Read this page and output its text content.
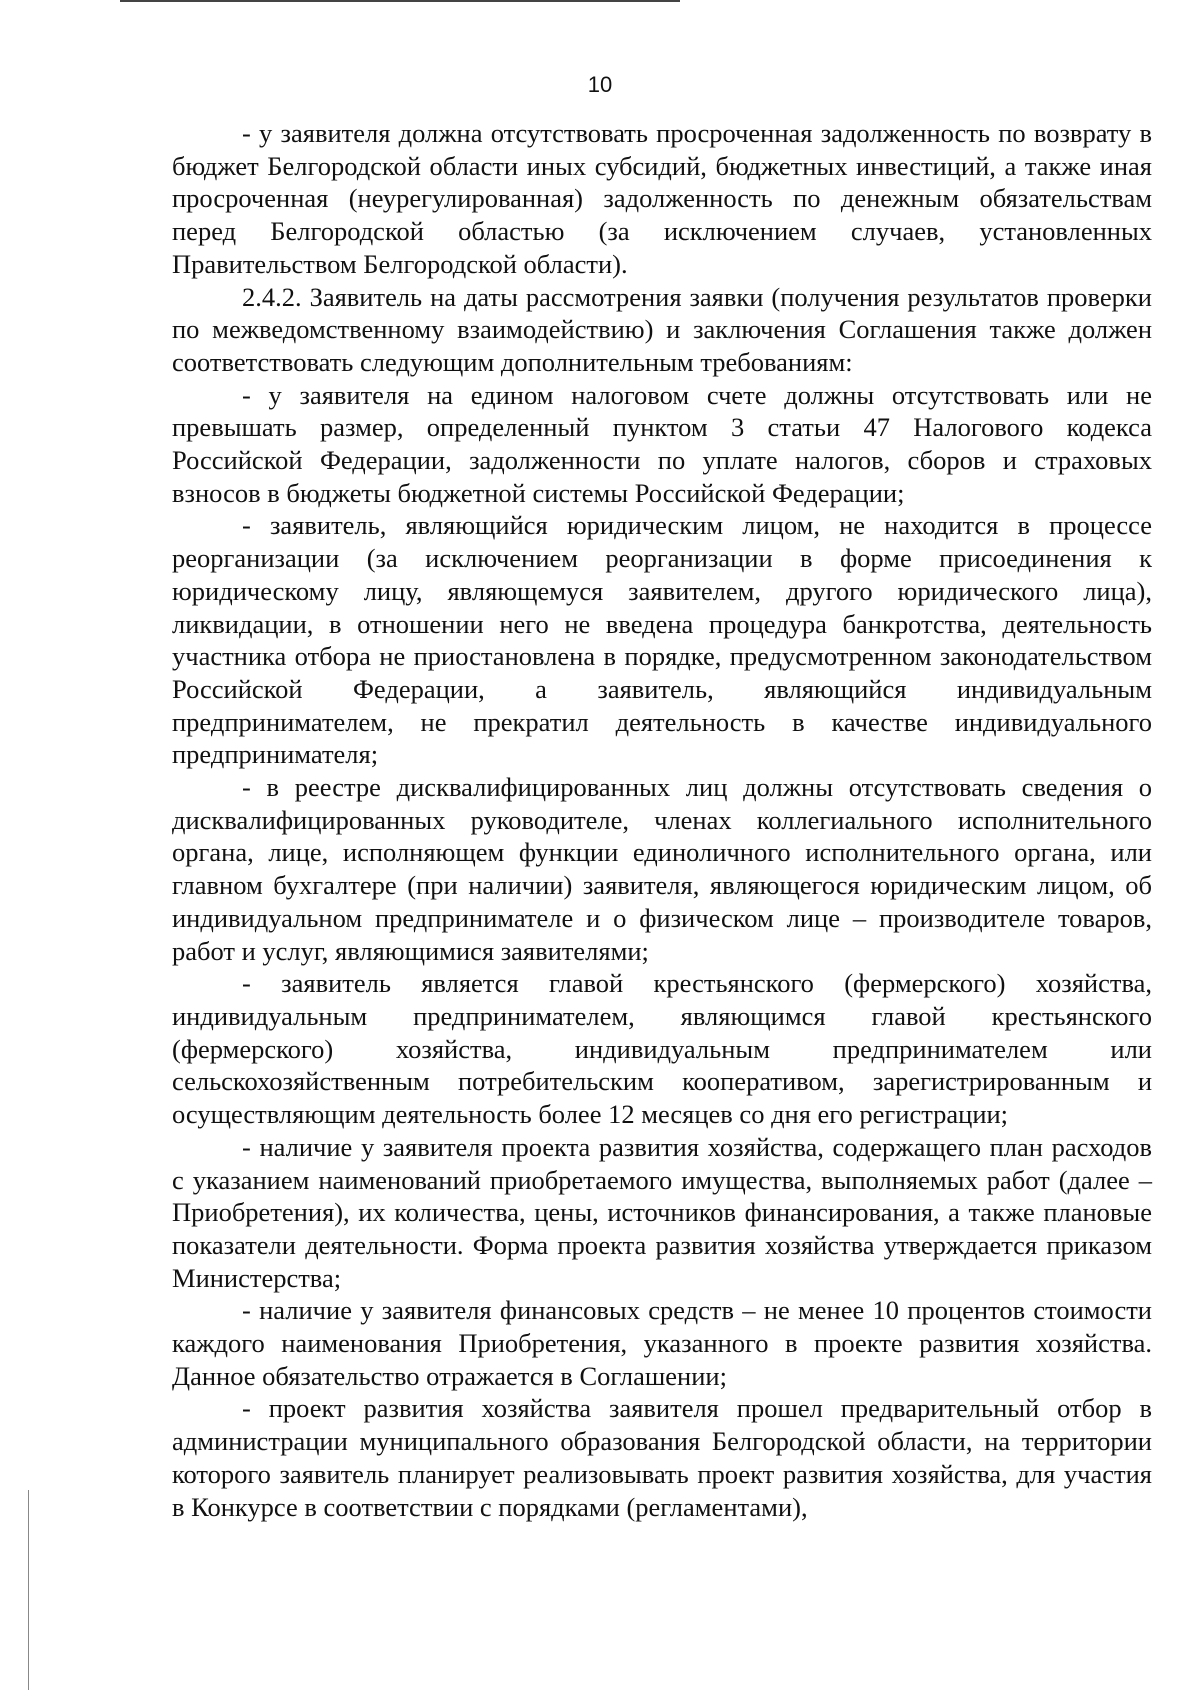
10

- у заявителя должна отсутствовать просроченная задолженность по возврату в бюджет Белгородской области иных субсидий, бюджетных инвестиций, а также иная просроченная (неурегулированная) задолженность по денежным обязательствам перед Белгородской областью (за исключением случаев, установленных Правительством Белгородской области).

2.4.2. Заявитель на даты рассмотрения заявки (получения результатов проверки по межведомственному взаимодействию) и заключения Соглашения также должен соответствовать следующим дополнительным требованиям:

- у заявителя на едином налоговом счете должны отсутствовать или не превышать размер, определенный пунктом 3 статьи 47 Налогового кодекса Российской Федерации, задолженности по уплате налогов, сборов и страховых взносов в бюджеты бюджетной системы Российской Федерации;

- заявитель, являющийся юридическим лицом, не находится в процессе реорганизации (за исключением реорганизации в форме присоединения к юридическому лицу, являющемуся заявителем, другого юридического лица), ликвидации, в отношении него не введена процедура банкротства, деятельность участника отбора не приостановлена в порядке, предусмотренном законодательством Российской Федерации, а заявитель, являющийся индивидуальным предпринимателем, не прекратил деятельность в качестве индивидуального предпринимателя;

- в реестре дисквалифицированных лиц должны отсутствовать сведения о дисквалифицированных руководителе, членах коллегиального исполнительного органа, лице, исполняющем функции единоличного исполнительного органа, или главном бухгалтере (при наличии) заявителя, являющегося юридическим лицом, об индивидуальном предпринимателе и о физическом лице – производителе товаров, работ и услуг, являющимися заявителями;

- заявитель является главой крестьянского (фермерского) хозяйства, индивидуальным предпринимателем, являющимся главой крестьянского (фермерского) хозяйства, индивидуальным предпринимателем или сельскохозяйственным потребительским кооперативом, зарегистрированным и осуществляющим деятельность более 12 месяцев со дня его регистрации;

- наличие у заявителя проекта развития хозяйства, содержащего план расходов с указанием наименований приобретаемого имущества, выполняемых работ (далее – Приобретения), их количества, цены, источников финансирования, а также плановые показатели деятельности. Форма проекта развития хозяйства утверждается приказом Министерства;

- наличие у заявителя финансовых средств – не менее 10 процентов стоимости каждого наименования Приобретения, указанного в проекте развития хозяйства. Данное обязательство отражается в Соглашении;

- проект развития хозяйства заявителя прошел предварительный отбор в администрации муниципального образования Белгородской области, на территории которого заявитель планирует реализовывать проект развития хозяйства, для участия в Конкурсе в соответствии с порядками (регламентами),
